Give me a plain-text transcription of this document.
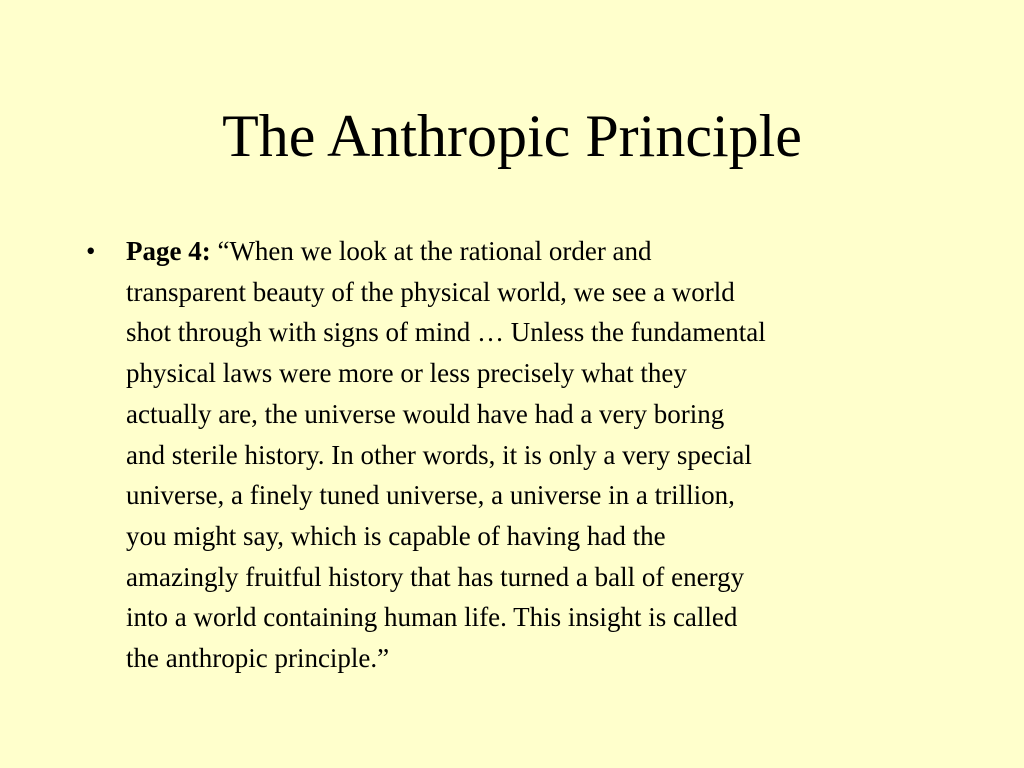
The Anthropic Principle
•	Page 4: “When we look at the rational order and
transparent beauty of the physical world, we see a world
shot through with signs of mind … Unless the fundamental
physical laws were more or less precisely what they
actually are, the universe would have had a very boring
and sterile history. In other words, it is only a very special
universe, a finely tuned universe, a universe in a trillion,
you might say, which is capable of having had the
amazingly fruitful history that has turned a ball of energy
into a world containing human life. This insight is called
the anthropic principle.”
